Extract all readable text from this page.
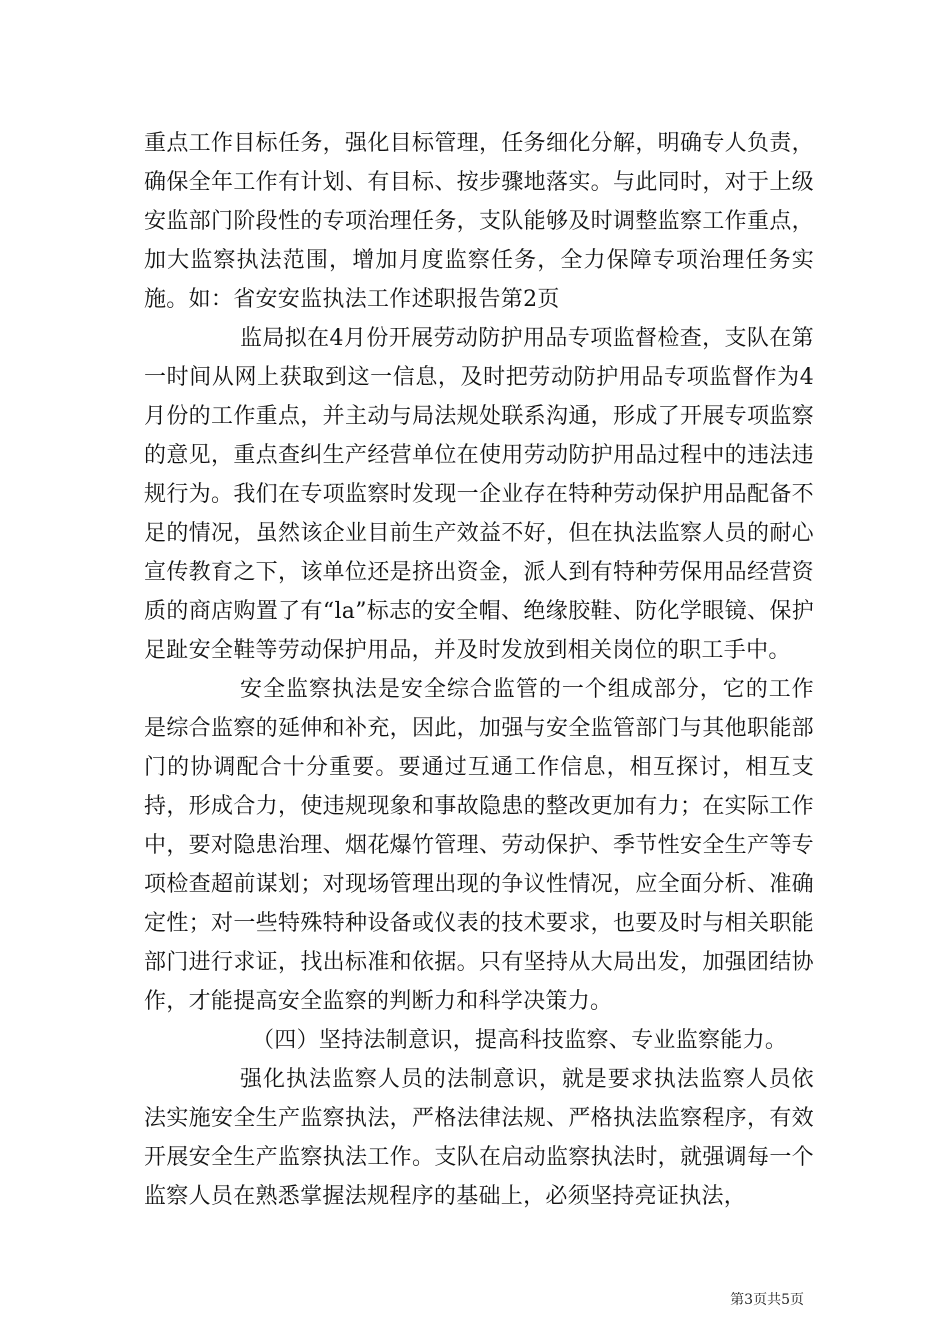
重点工作目标任务，强化目标管理，任务细化分解，明确专人负责，确保全年工作有计划、有目标、按步骤地落实。与此同时，对于上级安监部门阶段性的专项治理任务，支队能够及时调整监察工作重点，加大监察执法范围，增加月度监察任务，全力保障专项治理任务实施。如：省安安监执法工作述职报告第2页

监局拟在4月份开展劳动防护用品专项监督检查，支队在第一时间从网上获取到这一信息，及时把劳动防护用品专项监督作为4月份的工作重点，并主动与局法规处联系沟通，形成了开展专项监察的意见，重点查纠生产经营单位在使用劳动防护用品过程中的违法违规行为。我们在专项监察时发现一企业存在特种劳动保护用品配备不足的情况，虽然该企业目前生产效益不好，但在执法监察人员的耐心宣传教育之下，该单位还是挤出资金，派人到有特种劳保用品经营资质的商店购置了有“la”标志的安全帽、绝缘胶鞋、防化学眼镜、保护足趾安全鞋等劳动保护用品，并及时发放到相关岗位的职工手中。

安全监察执法是安全综合监管的一个组成部分，它的工作是综合监察的延伸和补充，因此，加强与安全监管部门与其他职能部门的协调配合十分重要。要通过互通工作信息，相互探讨，相互支持，形成合力，使违规现象和事故隐患的整改更加有力；在实际工作中，要对隐患治理、烟花爆竹管理、劳动保护、季节性安全生产等专项检查超前谋划；对现场管理出现的争议性情况，应全面分析、准确定性；对一些特殊特种设备或仪表的技术要求，也要及时与相关职能部门进行求证，找出标准和依据。只有坚持从大局出发，加强团结协作，才能提高安全监察的判断力和科学决策力。

（四）坚持法制意识，提高科技监察、专业监察能力。

强化执法监察人员的法制意识，就是要求执法监察人员依法实施安全生产监察执法，严格法律法规、严格执法监察程序，有效开展安全生产监察执法工作。支队在启动监察执法时，就强调每一个监察人员在熟悉掌握法规程序的基础上，必须坚持亮证执法，

第3页共5页
